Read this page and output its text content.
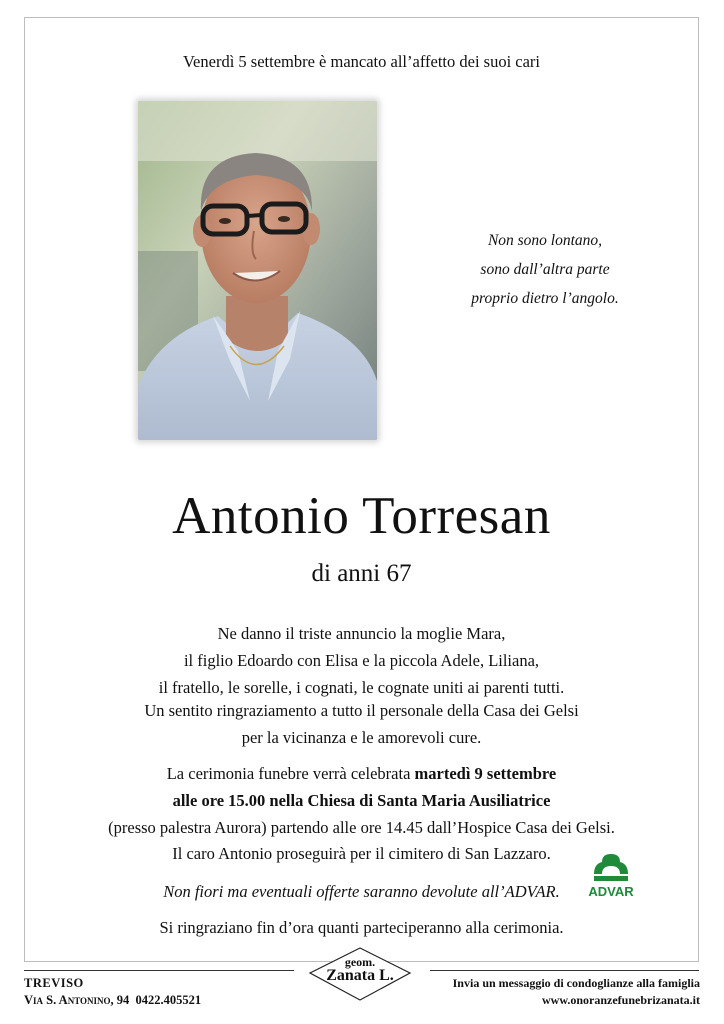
Venerdì 5 settembre è mancato all’affetto dei suoi cari
Non sono lontano,
sono dall’altra parte
proprio dietro l’angolo.
Antonio Torresan
di anni 67
Ne danno il triste annuncio la moglie Mara,
il figlio Edoardo con Elisa e la piccola Adele, Liliana,
il fratello, le sorelle, i cognati, le cognate uniti ai parenti tutti.
Un sentito ringraziamento a tutto il personale della Casa dei Gelsi
per la vicinanza e le amorevoli cure.
La cerimonia funebre verrà celebrata martedì 9 settembre
alle ore 15.00 nella Chiesa di Santa Maria Ausiliatrice
(presso palestra Aurora) partendo alle ore 14.45 dall’Hospice Casa dei Gelsi.
Il caro Antonio proseguirà per il cimitero di San Lazzaro.
Non fiori ma eventuali offerte saranno devolute all’ADVAR.	ADVAR
Si ringraziano fin d’ora quanti parteciperanno alla cerimonia.
TREVISO
Via S. Antonino, 94 0422.405521
geom.
Zanata L.	Invia un messaggio di condoglianze alla famiglia
www.onoranzefunebrizanata.it
